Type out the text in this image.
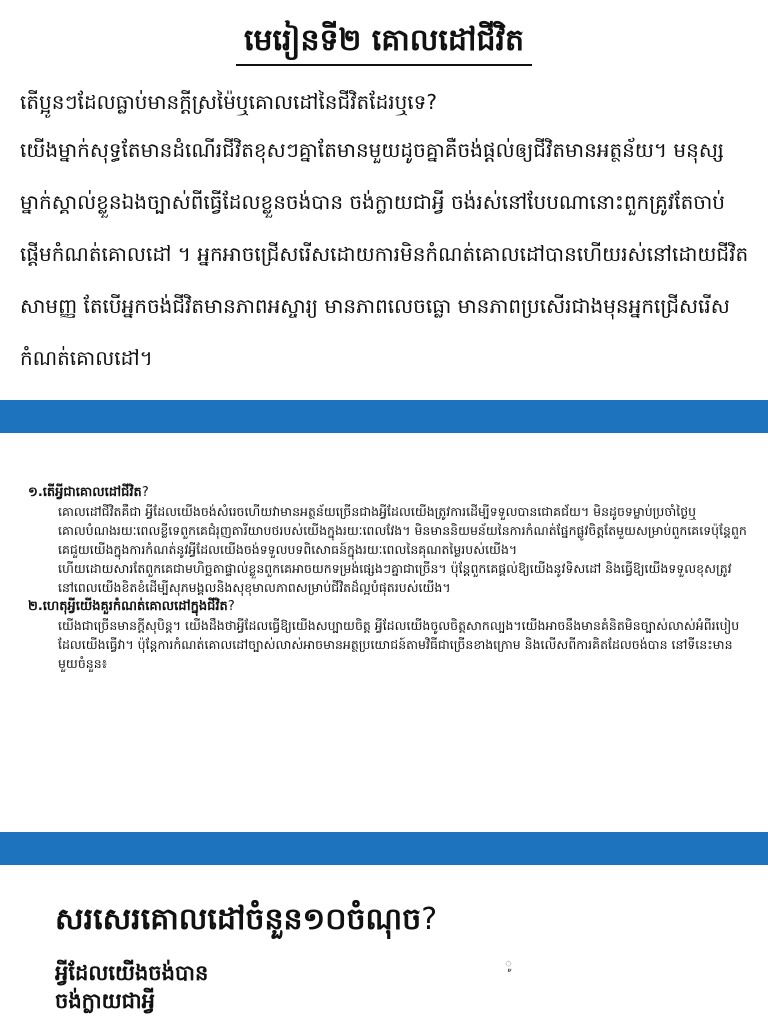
មេរៀនទី២ គោលដៅជីវិត

តើប្អូនៗដែលធ្លាប់មានក្ដីស្រម៉ៃឬគោលដៅនៃជីវិតដែរឬទេ?

យើងម្នាក់សុទ្ធតែមានដំណើរជីវិតខុសៗគ្នាតែមានមួយដូចគ្នាគឺចង់ផ្ដល់ឲ្យជីវិតមានអត្ថន័យ។ មនុស្សម្នាក់ស្គាល់ខ្លួនឯងច្បាស់ពីធ្វើដែលខ្លួនចង់បាន ចង់ក្លាយជាអ្វី ចង់រស់នៅបែបណានោះពួកគ្រូវតែចាប់ផ្ដើមកំណត់គោលដៅ ។ អ្នកអាចជ្រើសរើសដោយការមិនកំណត់គោលដៅបានហើយរស់នៅដោយជីវិតសាមញ្ញ តែបើអ្នកចង់ជីវិតមានភាពអស្ចារ្យ មានភាពលេចធ្លោ មានភាពប្រសើរជាងមុនអ្នកជ្រើសរើសកំណត់គោលដៅ។

១.តើអ្វីជាគោលដៅជីវិត?

គោលដៅជីវិតគឺជា អ្វីដែលយើងចង់សំរេចហើយវាមានអត្ថន័យច្រើនជាងអ្វីដែលយើងត្រូវការដើម្បីទទួលបានជោគជ័យ។ មិនដូចទម្លាប់ប្រចាំថ្ងៃឬគោលបំណងរយៈពេលខ្លីទេពួកគេជំរុញតារីយាបថរបស់យើងក្នុងរយៈពេលវែង។ មិនមាននិយមន័យនៃការកំណត់ផ្នែកផ្លូវចិត្តតែមួយសម្រាប់ពួកគេទេប៉ុន្តែពួកគេជួយយើងក្នុងការកំណត់នូវអ្វីដែលយើងចង់ទទួលបទពិសោធន៍ក្នុងរយៈពេលនៃគុណតម្លៃរបស់យើង។

ហើយដោយសារតែពួកគេជាមហិច្ឆតាផ្ទាល់ខ្លួនពួកគេអាចយកទម្រង់ផ្សេងៗគ្នាជាច្រើន។ ប៉ុន្តែពួកគេផ្ដល់ឱ្យយើងនូវទិសដៅ និងធ្វើឱ្យយើងទទួលខុសត្រូវនៅពេលយើងខិតខំដើម្បីសុភមង្គលនិងសុខុមាលភាពសម្រាប់ជីវិតដ៏ល្អបំផុតរបស់យើង។

២.ហេតុអ្វីយើងគួរកំណត់គោលដៅក្នុងជីវិត?

យើងជាច្រើនមានក្ដីសុបិន្ត។ យើងដឹងថាអ្វីដែលធ្វើឱ្យយើងសប្បាយចិត្ត អ្វីដែលយើងចូលចិត្តសាកល្បង។យើងអាចនឹងមានគំនិតមិនច្បាស់លាស់អំពីរបៀបដែលយើងធ្វើវា។ ប៉ុន្តែការកំណត់គោលដៅច្បាស់លាស់អាចមានអត្ថប្រយោជន៍តាមវិធីជាច្រើនខាងក្រោម និងលើសពីការគិតដែលចង់បាន នៅទីនេះមានមួយចំនួន៖

សរសេរគោលដៅចំនួន១០ចំណុច?
អ្វីដែលយើងចង់បាន
ចង់ក្លាយជាអ្វី
ូ
